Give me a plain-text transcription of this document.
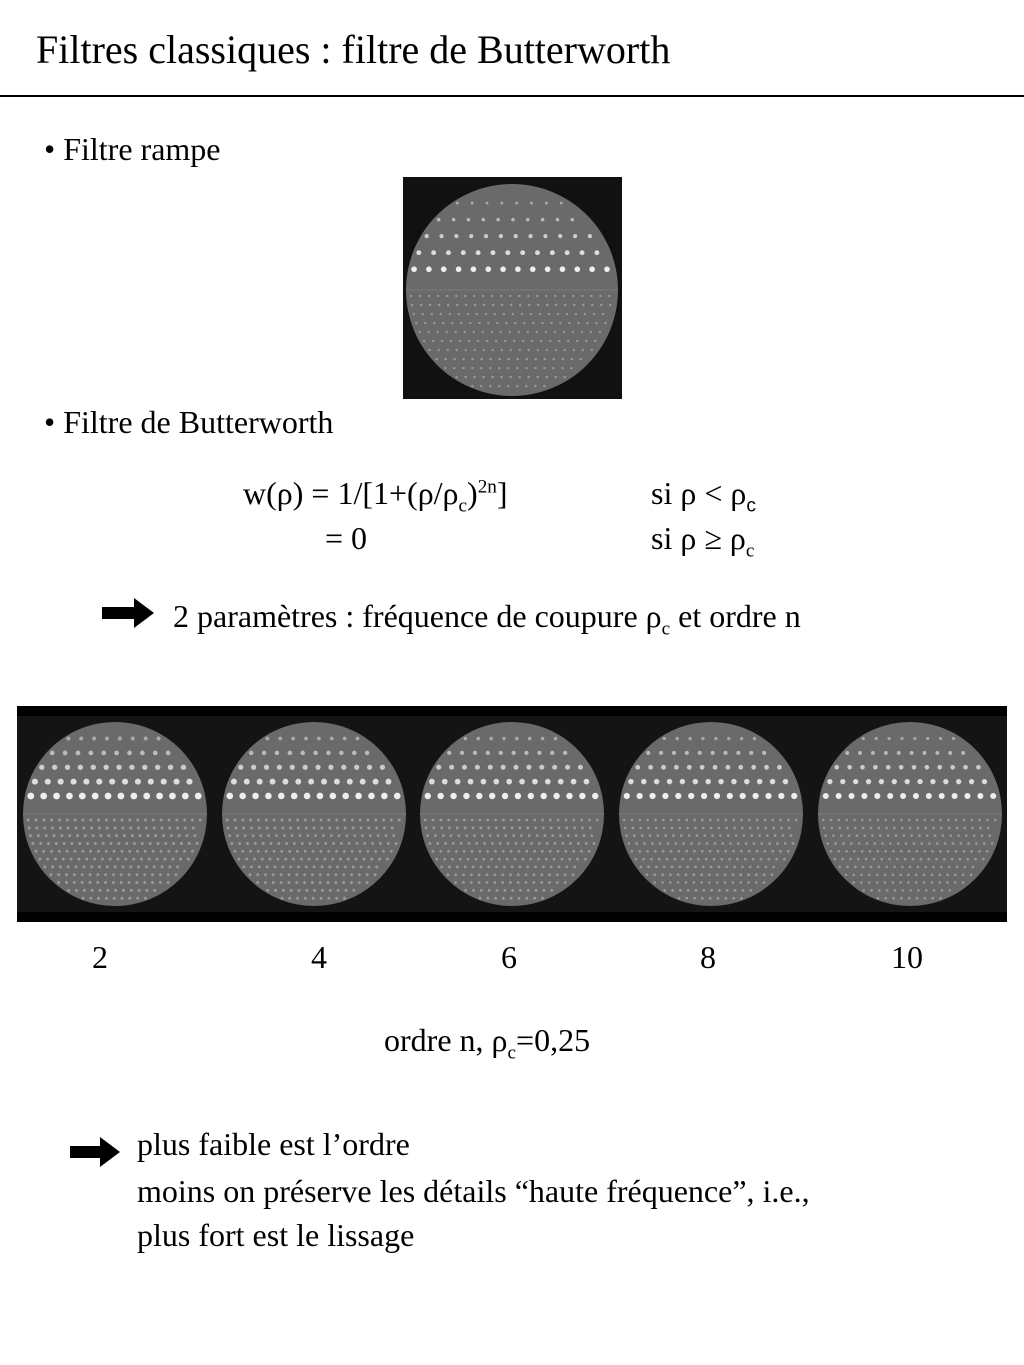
Filtres classiques : filtre de Butterworth
• Filtre rampe
• Filtre de Butterworth
$w(\rho) = 1/[1+(\rho/\rho_c)^{2n}]$
= 0
si $\rho < \rho_c$
si $\rho \ge \rho_c$
2 paramètres : fréquence de coupure $\rho_c$ et ordre n
2	4	6	8	10
ordre n, $\rho_c=0,25$
plus faible est l’ordre
moins on préserve les détails “haute fréquence”, i.e.,
plus fort est le lissage
